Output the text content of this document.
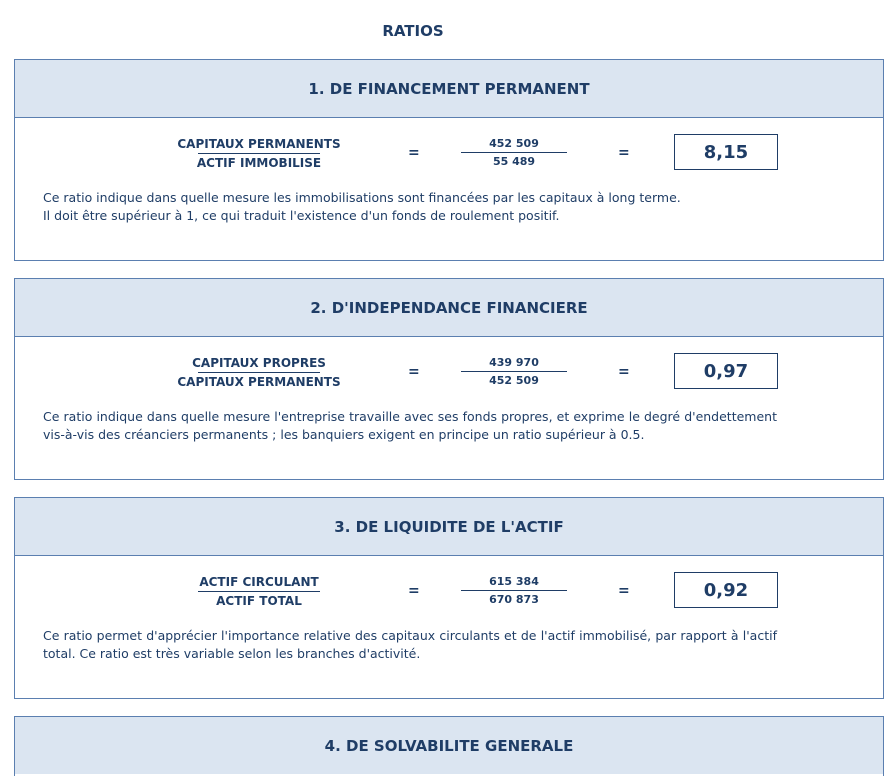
RATIOS
1. DE FINANCEMENT PERMANENT
CAPITAUX PERMANENTS
ACTIF IMMOBILISE
=
452 509
55 489
=	8,15

Ce ratio indique dans quelle mesure les immobilisations sont financées par les capitaux à long terme.

Il doit être supérieur à 1, ce qui traduit l'existence d'un fonds de roulement positif.

2. D'INDEPENDANCE FINANCIERE
CAPITAUX PROPRES
CAPITAUX PERMANENTS
=
439 970
452 509
=	0,97

Ce ratio indique dans quelle mesure l'entreprise travaille avec ses fonds propres, et exprime le degré d'endettement vis-à-vis des créanciers permanents ; les banquiers exigent en principe un ratio supérieur à 0.5.

3. DE LIQUIDITE DE L'ACTIF
ACTIF CIRCULANT
ACTIF TOTAL
=
615 384
670 873
=	0,92

Ce ratio permet d'apprécier l'importance relative des capitaux circulants et de l'actif immobilisé, par rapport à l'actif total. Ce ratio est très variable selon les branches d'activité.

4. DE SOLVABILITE GENERALE
